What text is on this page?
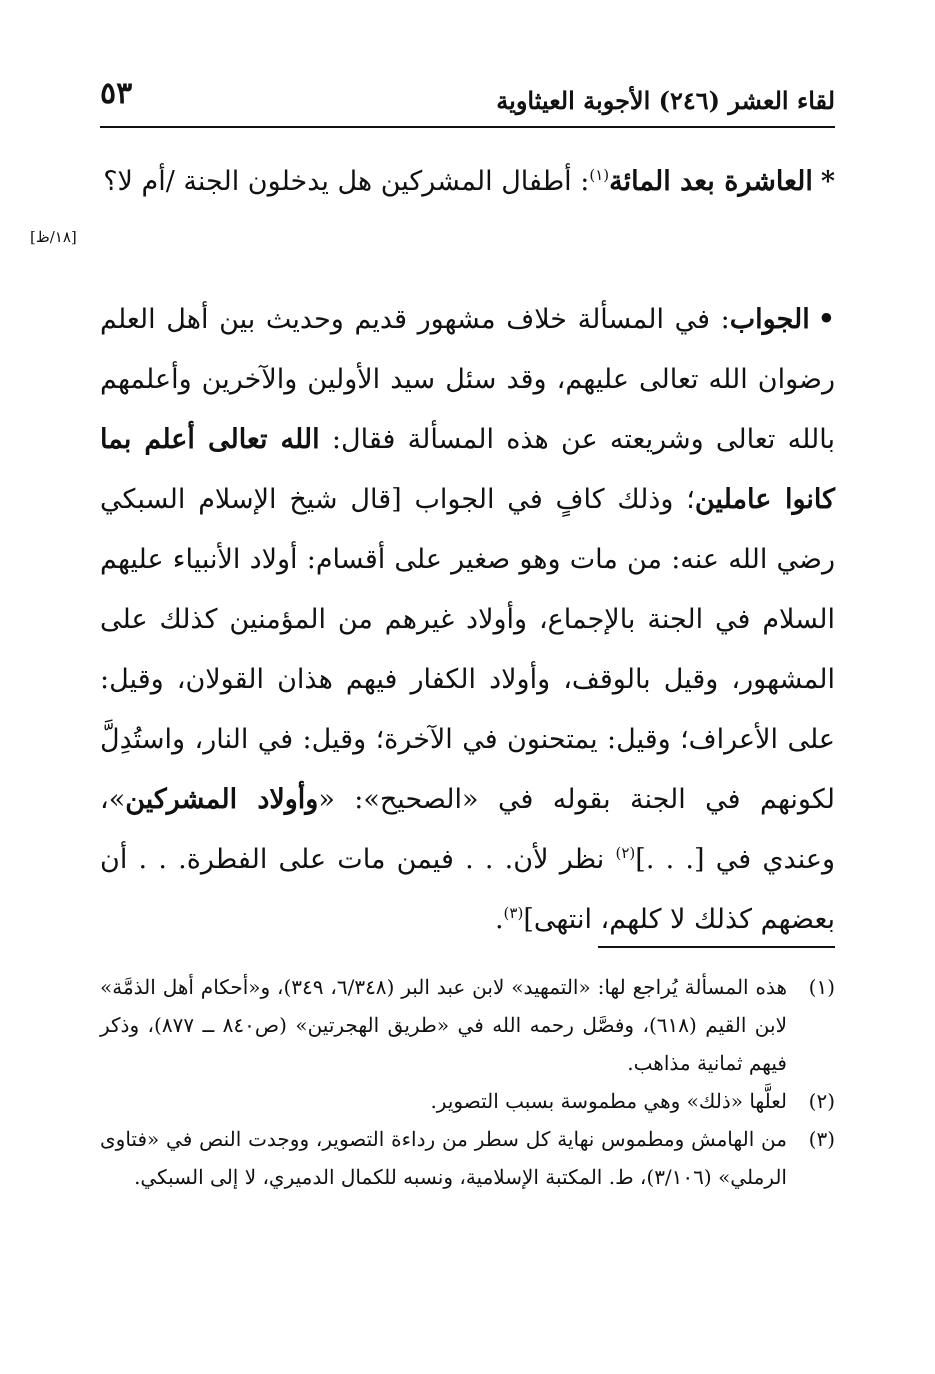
لقاء العشر (٢٤٦) الأجوبة العيثاوية
٥٣
[١٨/ظ]

*العاشرة بعد المائة$^{(١)}$: أطفال المشركين هل يدخلون الجنة /أم لا؟

•الجواب: في المسألة خلاف مشهور قديم وحديث بين أهل العلم رضوان الله تعالى عليهم، وقد سئل سيد الأولين والآخرين وأعلمهم بالله تعالى وشريعته عن هذه المسألة فقال: الله تعالى أعلم بما كانوا عاملين؛ وذلك كافٍ في الجواب [قال شيخ الإسلام السبكي رضي الله عنه: من مات وهو صغير على أقسام: أولاد الأنبياء عليهم السلام في الجنة بالإجماع، وأولاد غيرهم من المؤمنين كذلك على المشهور، وقيل بالوقف، وأولاد الكفار فيهم هذان القولان، وقيل: على الأعراف؛ وقيل: يمتحنون في الآخرة؛ وقيل: في النار، واستُدِلَّ لكونهم في الجنة بقوله في «الصحيح»: «وأولاد المشركين»، وعندي في [. . .]$^{(٢)}$ نظر لأن. . . فيمن مات على الفطرة. . . أن بعضهم كذلك لا كلهم، انتهى]$^{(٣)}$.

(١)
هذه المسألة يُراجع لها: «التمهيد» لابن عبد البر (٦/٣٤٨، ٣٤٩)، و«أحكام أهل الذمَّة» لابن القيم (٦١٨)، وفصَّل رحمه الله في «طريق الهجرتين» (ص٨٤٠ ــ ٨٧٧)، وذكر فيهم ثمانية مذاهب.
(٢)
لعلَّها «ذلك» وهي مطموسة بسبب التصوير.
(٣)
من الهامش ومطموس نهاية كل سطر من رداءة التصوير، ووجدت النص في «فتاوى الرملي» (٣/١٠٦)، ط. المكتبة الإسلامية، ونسبه للكمال الدميري، لا إلى السبكي.
